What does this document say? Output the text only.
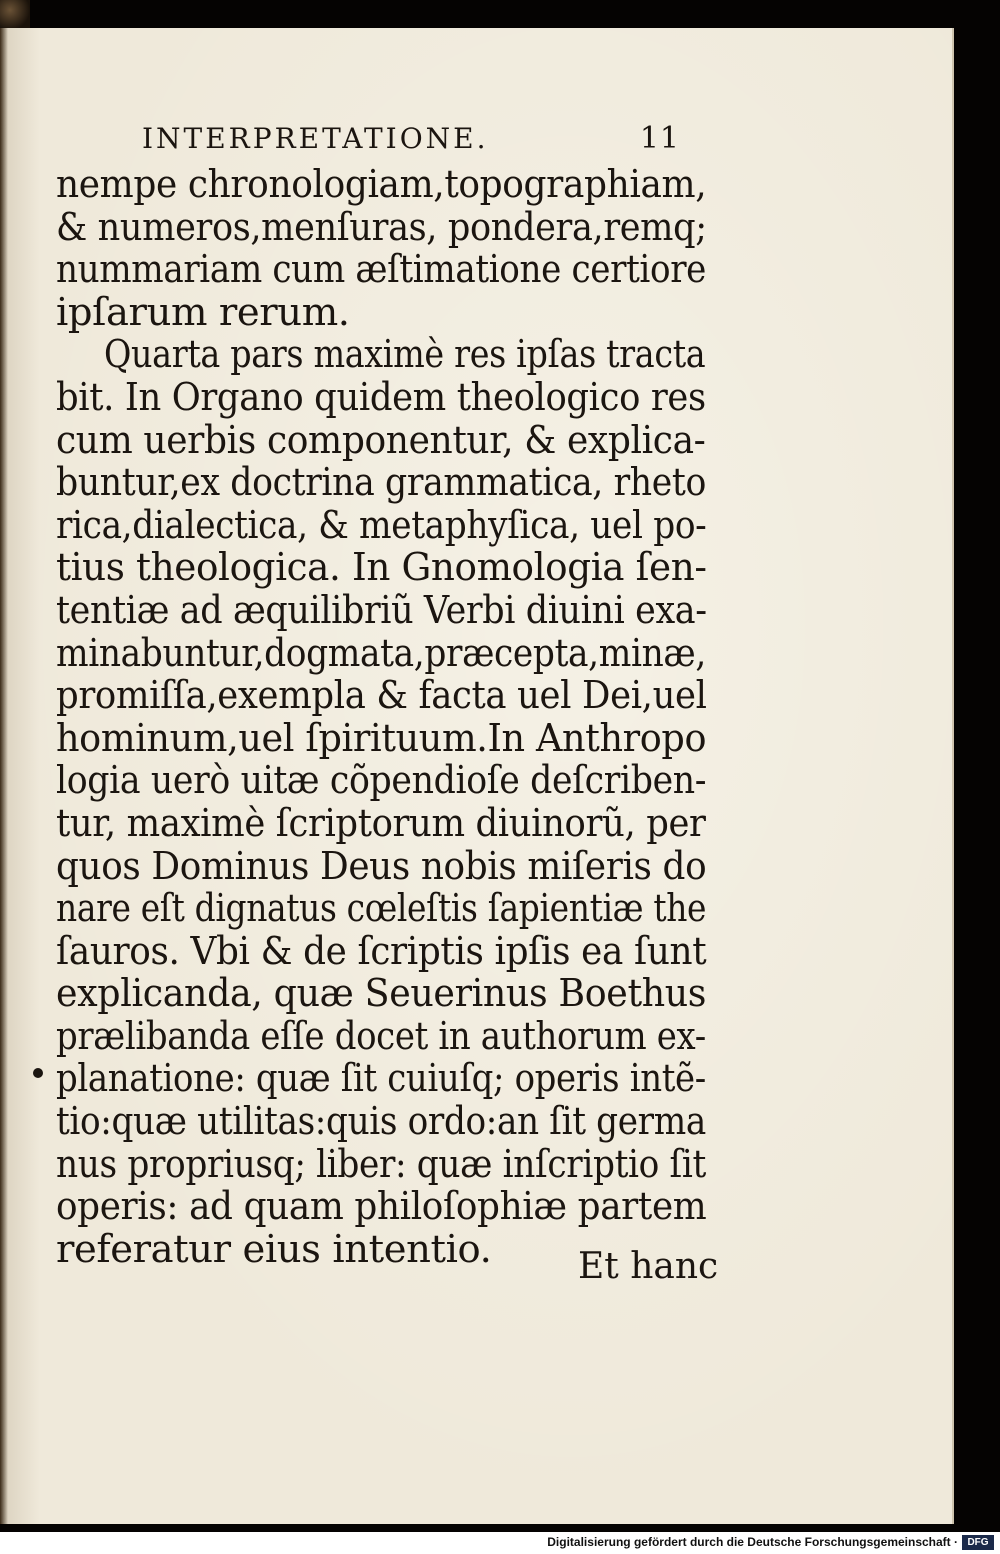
INTERPRETATIONE.	11
nempe chronologiam,topographiam,
& numeros,menſuras, pondera,remq;
nummariam cum æſtimatione certiore
ipſarum rerum.
Quarta pars maximè res ipſas tracta
bit. In Organo quidem theologico res
cum uerbis componentur, & explica-
buntur,ex doctrina grammatica, rheto
rica,dialectica, & metaphyſica, uel po-
tius theologica. In Gnomologia ſen-
tentiæ ad æquilibriũ Verbi diuini exa-
minabuntur,dogmata,præcepta,minæ,
promiſſa,exempla & facta uel Dei,uel
hominum,uel ſpirituum.In Anthropo
logia uerò uitæ cõpendioſe deſcriben-
tur, maximè ſcriptorum diuinorũ, per
quos Dominus Deus nobis miſeris do
nare eſt dignatus cœleſtis ſapientiæ the
ſauros. Vbi & de ſcriptis ipſis ea ſunt
explicanda, quæ Seuerinus Boethus
prælibanda eſſe docet in authorum ex-
planatione: quæ ſit cuiuſq; operis intẽ-
tio:quæ utilitas:quis ordo:an ſit germa
nus propriusq; liber: quæ inſcriptio ſit
operis: ad quam philoſophiæ partem
referatur eius intentio.	Et hanc
Digitalisierung gefördert durch die Deutsche Forschungsgemeinschaft · DFG
